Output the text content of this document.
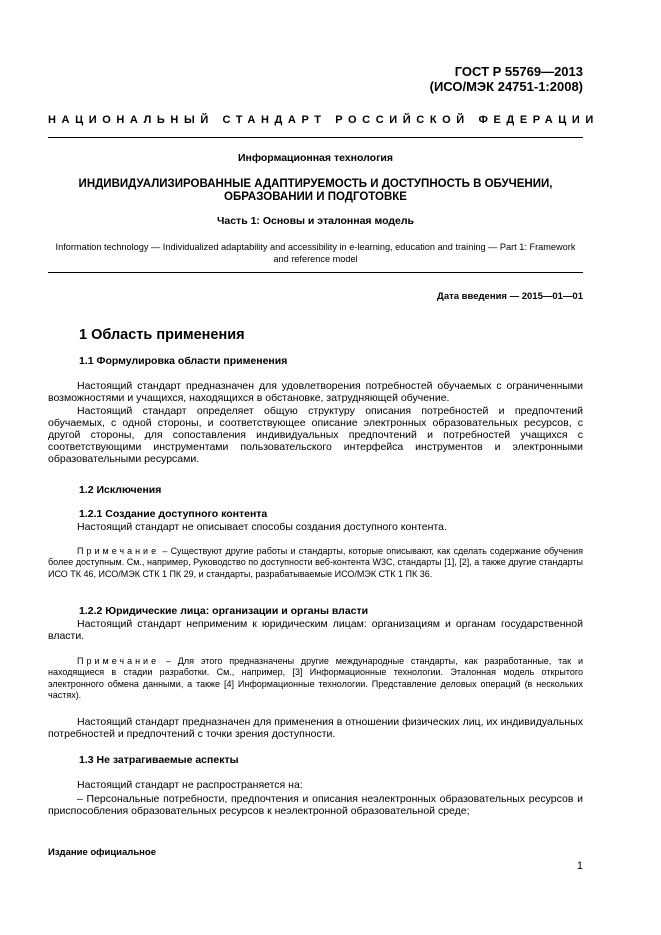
ГОСТ Р 55769—2013
(ИСО/МЭК 24751-1:2008)
НАЦИОНАЛЬНЫЙ СТАНДАРТ РОССИЙСКОЙ ФЕДЕРАЦИИ
Информационная технология
ИНДИВИДУАЛИЗИРОВАННЫЕ АДАПТИРУЕМОСТЬ И ДОСТУПНОСТЬ В ОБУЧЕНИИ, ОБРАЗОВАНИИ И ПОДГОТОВКЕ
Часть 1: Основы и эталонная модель
Information technology — Individualized adaptability and accessibility in e-learning, education and training — Part 1: Framework and reference model
Дата введения — 2015—01—01
1 Область применения
1.1 Формулировка области применения
Настоящий стандарт предназначен для удовлетворения потребностей обучаемых с ограниченными возможностями и учащихся, находящихся в обстановке, затрудняющей обучение.
Настоящий стандарт определяет общую структуру описания потребностей и предпочтений обучаемых, с одной стороны, и соответствующее описание электронных образовательных ресурсов, с другой стороны, для сопоставления индивидуальных предпочтений и потребностей учащихся с соответствующими инструментами пользовательского интерфейса инструментов и электронными образовательными ресурсами.
1.2 Исключения
1.2.1 Создание доступного контента
Настоящий стандарт не описывает способы создания доступного контента.
Примечание – Существуют другие работы и стандарты, которые описывают, как сделать содержание обучения более доступным. См., например, Руководство по доступности веб-контента W3C, стандарты [1], [2], а также другие стандарты ИСО ТК 46, ИСО/МЭК СТК 1 ПК 29, и стандарты, разрабатываемые ИСО/МЭК СТК 1 ПК 36.
1.2.2 Юридические лица: организации и органы власти
Настоящий стандарт неприменим к юридическим лицам: организациям и органам государственной власти.
Примечание – Для этого предназначены другие международные стандарты, как разработанные, так и находящиеся в стадии разработки. См., например, [3] Информационные технологии. Эталонная модель открытого электронного обмена данными, а также [4] Информационные технологии. Представление деловых операций (в нескольких частях).
Настоящий стандарт предназначен для применения в отношении физических лиц, их индивидуальных потребностей и предпочтений с точки зрения доступности.
1.3 Не затрагиваемые аспекты
Настоящий стандарт не распространяется на:
– Персональные потребности, предпочтения и описания неэлектронных образовательных ресурсов и приспособления образовательных ресурсов к неэлектронной образовательной среде;
Издание официальное
1
